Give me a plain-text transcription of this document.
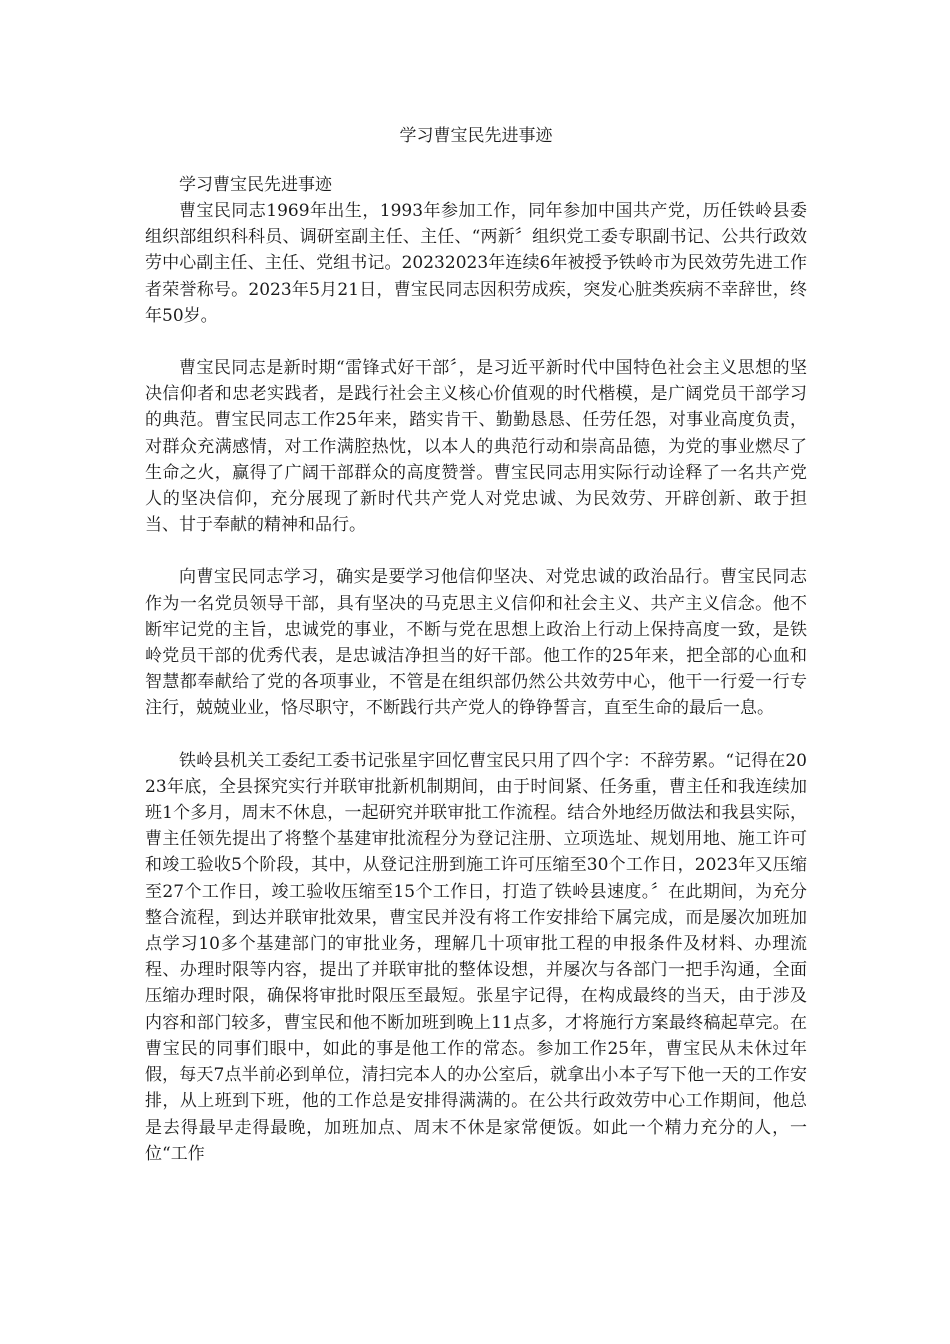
学习曹宝民先进事迹

学习曹宝民先进事迹

曹宝民同志1969年出生，1993年参加工作，同年参加中国共产党，历任铁岭县委组织部组织科科员、调研室副主任、主任、“两新〞组织党工委专职副书记、公共行政效劳中心副主任、主任、党组书记。20232023年连续6年被授予铁岭市为民效劳先进工作者荣誉称号。2023年5月21日，曹宝民同志因积劳成疾，突发心脏类疾病不幸辞世，终年50岁。

曹宝民同志是新时期“雷锋式好干部〞，是习近平新时代中国特色社会主义思想的坚决信仰者和忠老实践者，是践行社会主义核心价值观的时代楷模，是广阔党员干部学习的典范。曹宝民同志工作25年来，踏实肯干、勤勤恳恳、任劳任怨，对事业高度负责，对群众充满感情，对工作满腔热忱，以本人的典范行动和崇高品德，为党的事业燃尽了生命之火，赢得了广阔干部群众的高度赞誉。曹宝民同志用实际行动诠释了一名共产党人的坚决信仰，充分展现了新时代共产党人对党忠诚、为民效劳、开辟创新、敢于担当、甘于奉献的精神和品行。

向曹宝民同志学习，确实是要学习他信仰坚决、对党忠诚的政治品行。曹宝民同志作为一名党员领导干部，具有坚决的马克思主义信仰和社会主义、共产主义信念。他不断牢记党的主旨，忠诚党的事业，不断与党在思想上政治上行动上保持高度一致，是铁岭党员干部的优秀代表，是忠诚洁净担当的好干部。他工作的25年来，把全部的心血和智慧都奉献给了党的各项事业，不管是在组织部仍然公共效劳中心，他干一行爱一行专注行，兢兢业业，恪尽职守，不断践行共产党人的铮铮誓言，直至生命的最后一息。

铁岭县机关工委纪工委书记张星宇回忆曹宝民只用了四个字：不辞劳累。“记得在2023年底，全县探究实行并联审批新机制期间，由于时间紧、任务重，曹主任和我连续加班1个多月，周末不休息，一起研究并联审批工作流程。结合外地经历做法和我县实际，曹主任领先提出了将整个基建审批流程分为登记注册、立项选址、规划用地、施工许可和竣工验收5个阶段，其中，从登记注册到施工许可压缩至30个工作日，2023年又压缩至27个工作日，竣工验收压缩至15个工作日，打造了铁岭县速度。〞在此期间，为充分整合流程，到达并联审批效果，曹宝民并没有将工作安排给下属完成，而是屡次加班加点学习10多个基建部门的审批业务，理解几十项审批工程的申报条件及材料、办理流程、办理时限等内容，提出了并联审批的整体设想，并屡次与各部门一把手沟通，全面压缩办理时限，确保将审批时限压至最短。张星宇记得，在构成最终的当天，由于涉及内容和部门较多，曹宝民和他不断加班到晚上11点多，才将施行方案最终稿起草完。在曹宝民的同事们眼中，如此的事是他工作的常态。参加工作25年，曹宝民从未休过年假，每天7点半前必到单位，清扫完本人的办公室后，就拿出小本子写下他一天的工作安排，从上班到下班，他的工作总是安排得满满的。在公共行政效劳中心工作期间，他总是去得最早走得最晚，加班加点、周末不休是家常便饭。如此一个精力充分的人，一位“工作
